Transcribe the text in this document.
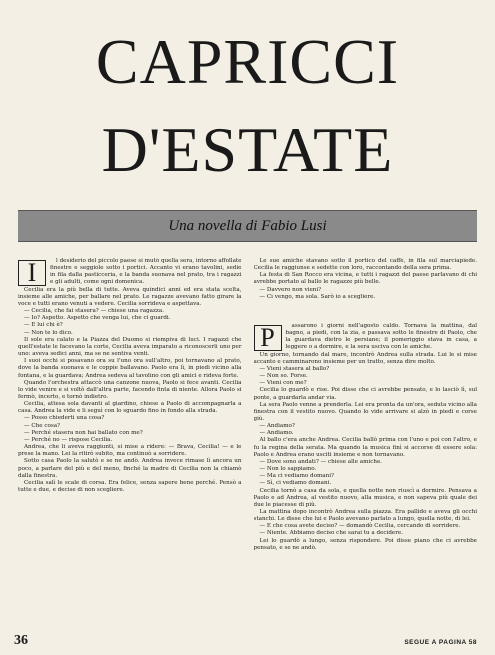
CAPRICCI
D'ESTATE
Una novella di Fabio Lusi
I	l desiderio del piccolo paese si mutò quella sera, intorno affollate finestre e seggiole sotto i portici. Accanto vi erano tavolini, sedie in fila dalla pasticceria, e la banda suonava nel prato, tra i ragazzi e gli adulti, come ogni domenica.

Cecilia era la più bella di tutte. Aveva quindici anni ed era stata scelta, insieme alle amiche, per ballare nel prato. Le ragazze avevano fatto girare la voce e tutti erano venuti a vedere. Cecilia sorrideva e aspettava.

— Cecilia, che fai stasera? — chiese una ragazza.

— Io? Aspetto. Aspetto che venga lui, che ci guardi.

— E lui chi è?

— Non te lo dico.

Il sole era calato e la Piazza del Duomo si riempiva di luci. I ragazzi che quell'estate le facevano la corte, Cecilia aveva imparato a riconoscerli uno per uno: aveva sedici anni, ma se ne sentiva venti.

I suoi occhi si posavano ora su l'uno ora sull'altro, poi tornavano al prato, dove la banda suonava e le coppie ballavano. Paolo era lì, in piedi vicino alla fontana, e la guardava; Andrea sedeva al tavolino con gli amici e rideva forte.

Quando l'orchestra attaccò una canzone nuova, Paolo si fece avanti. Cecilia lo vide venire e si voltò dall'altra parte, facendo finta di niente. Allora Paolo si fermò, incerto, e tornò indietro.

Cecilia, attesa sola davanti al giardino, chiese a Paolo di accompagnarla a casa. Andrea la vide e li seguì con lo sguardo fino in fondo alla strada.

— Posso chiederti una cosa?

— Che cosa?

— Perché stasera non hai ballato con me?

— Perché no — rispose Cecilia.

Andrea, che li aveva raggiunti, si mise a ridere: — Brava, Cecilia! — e le prese la mano. Lei la ritirò subito, ma continuò a sorridere.

Sotto casa Paolo la salutò e se ne andò. Andrea invece rimase lì ancora un poco, a parlare del più e del meno, finché la madre di Cecilia non la chiamò dalla finestra.

Cecilia salì le scale di corsa. Era felice, senza sapere bene perché. Pensò a tutte e due, e decise di non scegliere.

Le sue amiche stavano sotto il portico del caffè, in fila sul marciapiede. Cecilia le raggiunse e sedette con loro, raccontando della sera prima.

La festa di San Rocco era vicina, e tutti i ragazzi del paese parlavano di chi avrebbe portato al ballo le ragazze più belle.

— Davvero non vieni?

— Ci vengo, ma sola. Sarò io a scegliere.

P	assarono i giorni nell'agosto caldo. Tornava la mattina, dal bagno, a piedi, con la zia, e passava sotto le finestre di Paolo, che la guardava dietro le persiane; il pomeriggio stava in casa, a leggere o a dormire, e la sera usciva con le amiche.

Un giorno, tornando dal mare, incontrò Andrea sulla strada. Lui le si mise accanto e camminarono insieme per un tratto, senza dire molto.

— Vieni stasera al ballo?

— Non so. Forse.

— Vieni con me?

Cecilia lo guardò e rise. Poi disse che ci avrebbe pensato, e lo lasciò lì, sul ponte, a guardarla andar via.

La sera Paolo venne a prenderla. Lei era pronta da un'ora, seduta vicino alla finestra con il vestito nuovo. Quando lo vide arrivare si alzò in piedi e corse giù.

— Andiamo?

— Andiamo.

Al ballo c'era anche Andrea. Cecilia ballò prima con l'uno e poi con l'altro, e fu la regina della serata. Ma quando la musica finì si accorse di essere sola: Paolo e Andrea erano usciti insieme e non tornavano.

— Dove sono andati? — chiese alle amiche.

— Non lo sappiamo.

— Ma ci vediamo domani?

— Sì, ci vediamo domani.

Cecilia tornò a casa da sola, e quella notte non riuscì a dormire. Pensava a Paolo e ad Andrea, al vestito nuovo, alla musica, e non sapeva più quale dei due le piacesse di più.

La mattina dopo incontrò Andrea sulla piazza. Era pallido e aveva gli occhi stanchi. Le disse che lui e Paolo avevano parlato a lungo, quella notte, di lei.

— E che cosa avete deciso? — domandò Cecilia, cercando di sorridere.

— Niente. Abbiamo deciso che sarai tu a decidere.

Lei lo guardò a lungo, senza rispondere. Poi disse piano che ci avrebbe pensato, e se ne andò.

36	SEGUE A PAGINA 58
